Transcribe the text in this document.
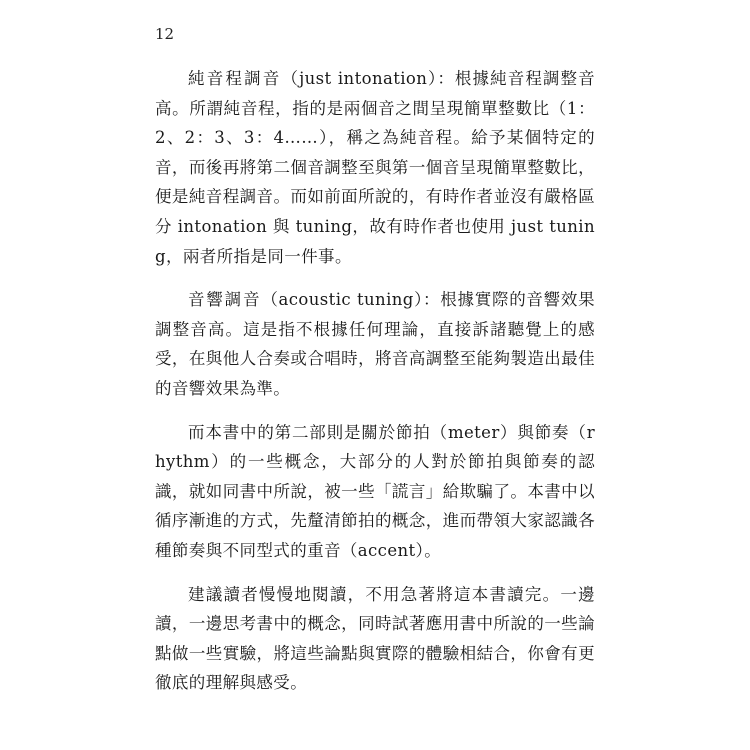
12

純音程調音（just intonation）：根據純音程調整音高。所謂純音程，指的是兩個音之間呈現簡單整數比（1：2、2：3、3：4……），稱之為純音程。給予某個特定的音，而後再將第二個音調整至與第一個音呈現簡單整數比，便是純音程調音。而如前面所說的，有時作者並沒有嚴格區分 intonation 與 tuning，故有時作者也使用 just tuning，兩者所指是同一件事。

音響調音（acoustic tuning）：根據實際的音響效果調整音高。這是指不根據任何理論，直接訴諸聽覺上的感受，在與他人合奏或合唱時，將音高調整至能夠製造出最佳的音響效果為準。

而本書中的第二部則是關於節拍（meter）與節奏（rhythm）的一些概念，大部分的人對於節拍與節奏的認識，就如同書中所說，被一些「謊言」給欺騙了。本書中以循序漸進的方式，先釐清節拍的概念，進而帶領大家認識各種節奏與不同型式的重音（accent）。

建議讀者慢慢地閱讀，不用急著將這本書讀完。一邊讀，一邊思考書中的概念，同時試著應用書中所說的一些論點做一些實驗，將這些論點與實際的體驗相結合，你會有更徹底的理解與感受。
